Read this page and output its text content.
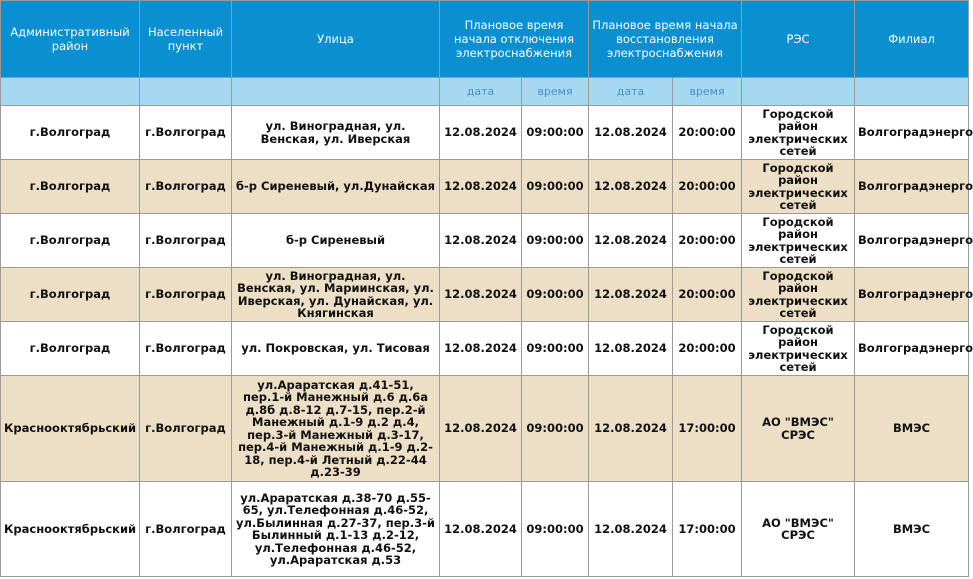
Административный район	Населенный пункт	Улица	Плановое время начала отключения электроснабжения		Плановое время начала восстановления электроснабжения		РЭС	Филиал
			дата	время	дата	время		
г.Волгоград	г.Волгоград	ул. Виноградная, ул. Венская, ул. Иверская	12.08.2024	09:00:00	12.08.2024	20:00:00	Городской район электрических сетей	Волгоградэнерго
г.Волгоград	г.Волгоград	б-р Сиреневый, ул.Дунайская	12.08.2024	09:00:00	12.08.2024	20:00:00	Городской район электрических сетей	Волгоградэнерго
г.Волгоград	г.Волгоград	б-р Сиреневый	12.08.2024	09:00:00	12.08.2024	20:00:00	Городской район электрических сетей	Волгоградэнерго
г.Волгоград	г.Волгоград	ул. Виноградная, ул. Венская, ул. Мариинская, ул. Иверская, ул. Дунайская, ул. Княгинская	12.08.2024	09:00:00	12.08.2024	20:00:00	Городской район электрических сетей	Волгоградэнерго
г.Волгоград	г.Волгоград	ул. Покровская, ул. Тисовая	12.08.2024	09:00:00	12.08.2024	20:00:00	Городской район электрических сетей	Волгоградэнерго
Краснооктябрьский	г.Волгоград	ул.Араратская д.41-51, пер.1-й Манежный д.6 д.6а д.8б д.8-12 д.7-15, пер.2-й Манежный д.1-9 д.2 д.4, пер.3-й Манежный д.3-17, пер.4-й Манежный д.1-9 д.2-18, пер.4-й Летный д.22-44 д.23-39	12.08.2024	09:00:00	12.08.2024	17:00:00	АО "ВМЭС" СРЭС	ВМЭС
Краснооктябрьский	г.Волгоград	ул.Араратская д.38-70 д.55-65, ул.Телефонная д.46-52, ул.Былинная д.27-37, пер.3-й Былинный д.1-13 д.2-12, ул.Телефонная д.46-52, ул.Араратская д.53	12.08.2024	09:00:00	12.08.2024	17:00:00	АО "ВМЭС" СРЭС	ВМЭС
